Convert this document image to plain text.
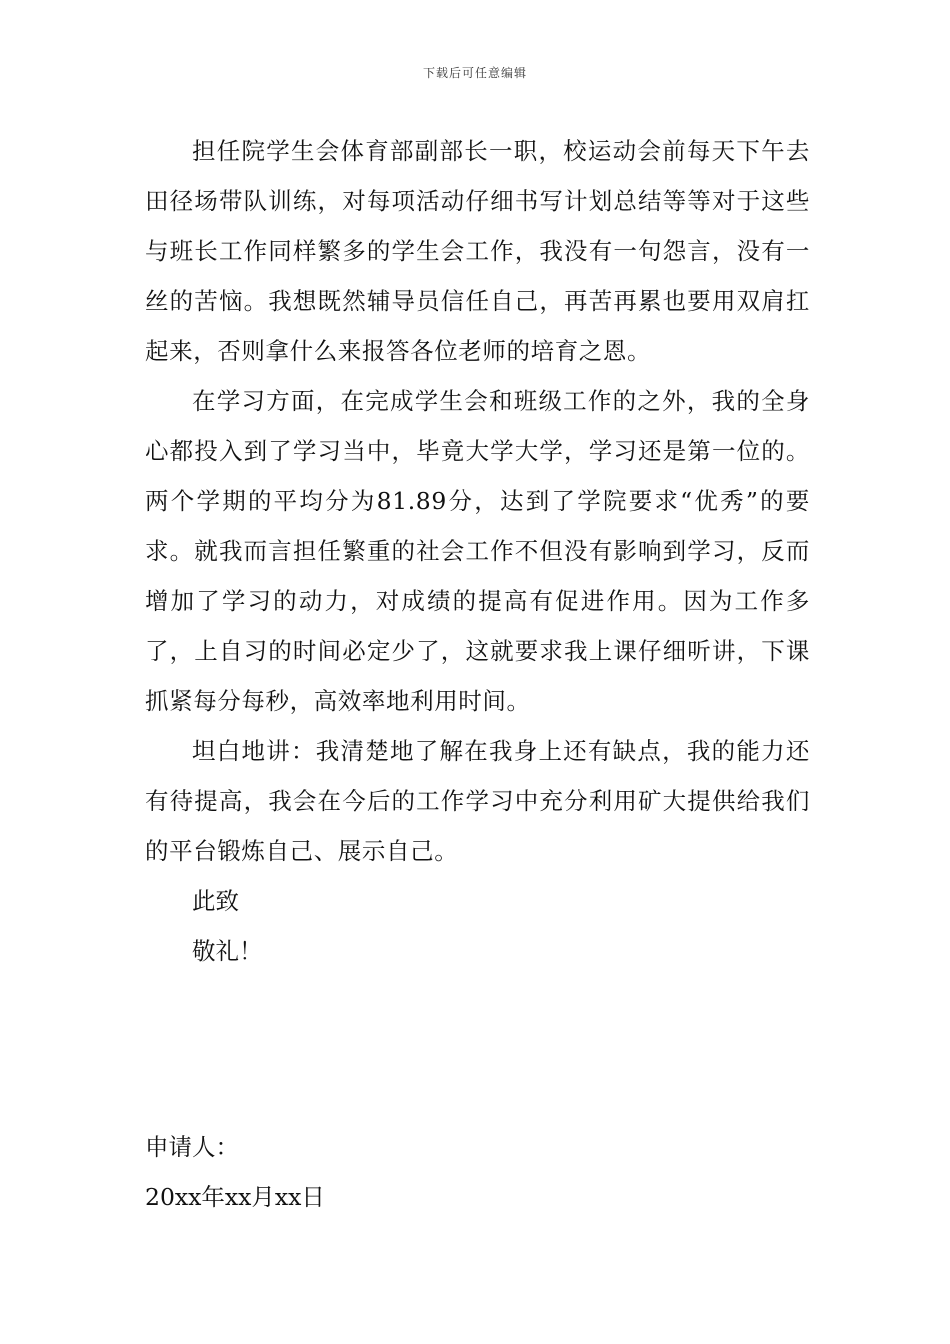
下载后可任意编辑

担任院学生会体育部副部长一职，校运动会前每天下午去田径场带队训练，对每项活动仔细书写计划总结等等对于这些与班长工作同样繁多的学生会工作，我没有一句怨言，没有一丝的苦恼。我想既然辅导员信任自己，再苦再累也要用双肩扛起来，否则拿什么来报答各位老师的培育之恩。

在学习方面，在完成学生会和班级工作的之外，我的全身心都投入到了学习当中，毕竟大学大学，学习还是第一位的。两个学期的平均分为81.89分，达到了学院要求“优秀”的要求。就我而言担任繁重的社会工作不但没有影响到学习，反而增加了学习的动力，对成绩的提高有促进作用。因为工作多了，上自习的时间必定少了，这就要求我上课仔细听讲，下课抓紧每分每秒，高效率地利用时间。

坦白地讲：我清楚地了解在我身上还有缺点，我的能力还有待提高，我会在今后的工作学习中充分利用矿大提供给我们的平台锻炼自己、展示自己。

此致

敬礼！

申请人：

20xx年xx月xx日
